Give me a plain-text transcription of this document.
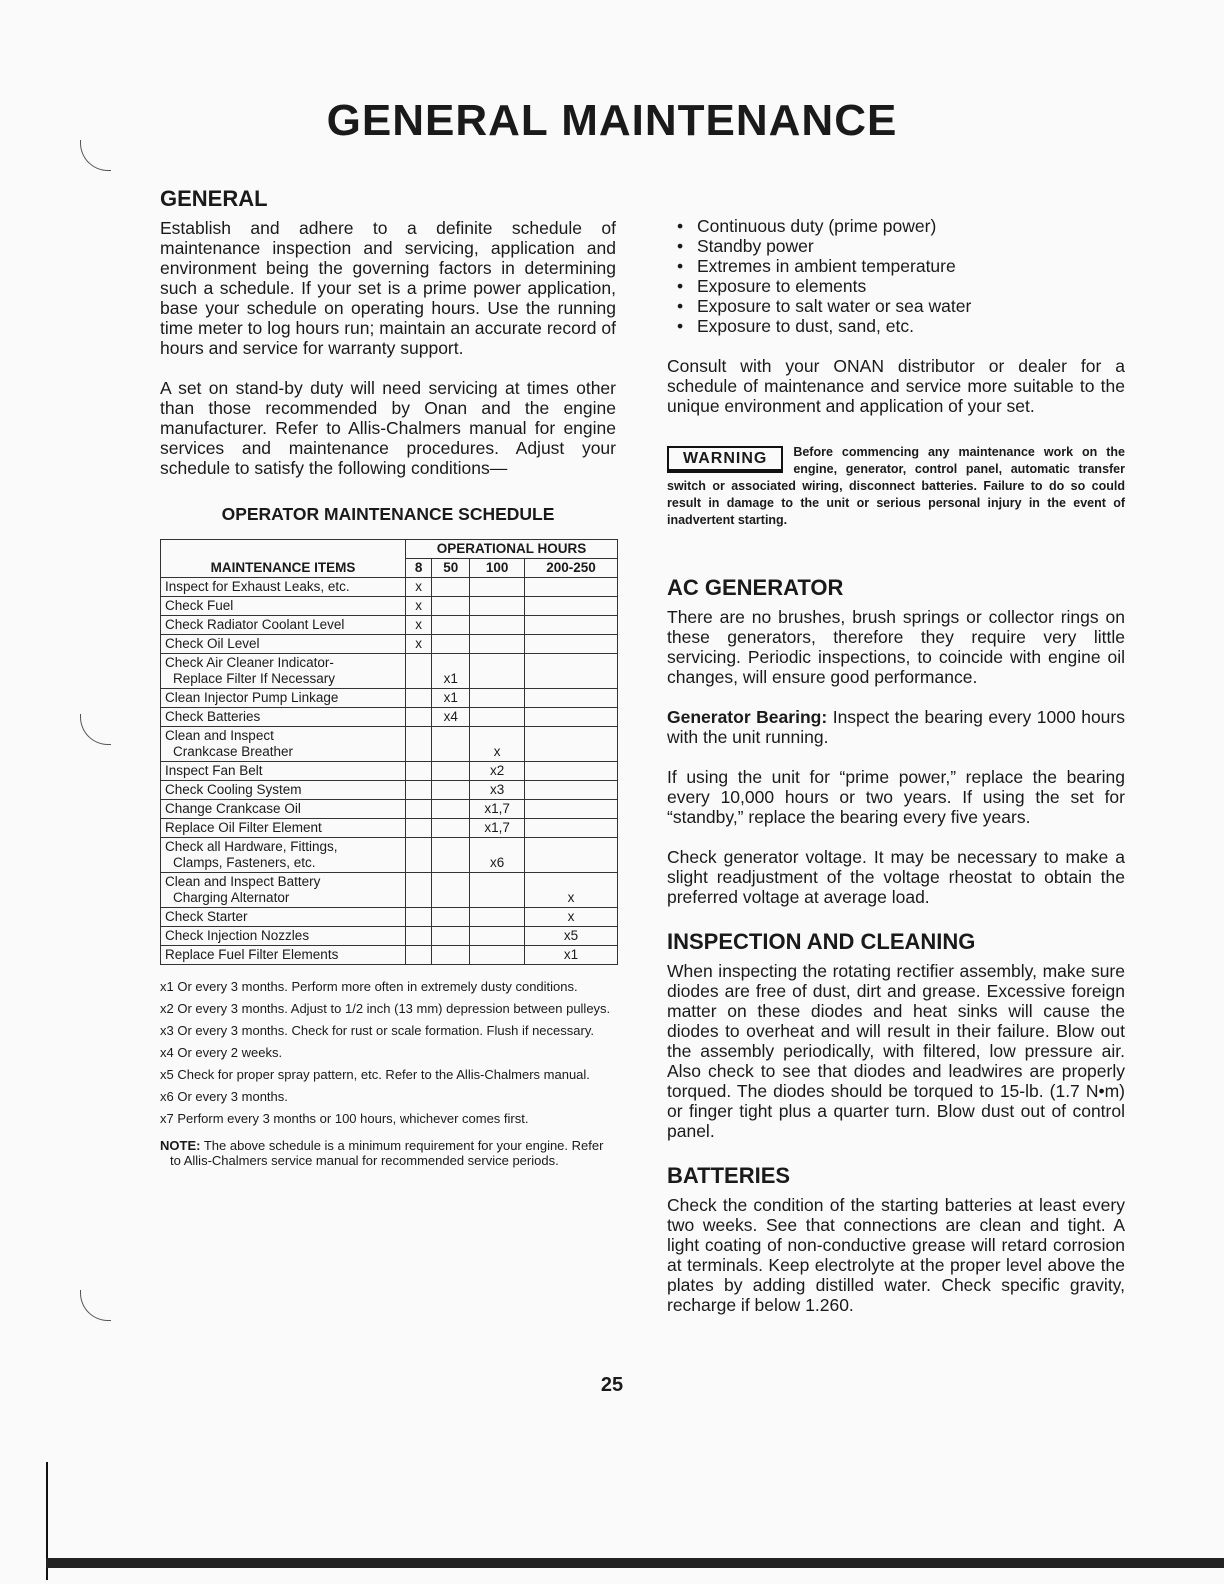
GENERAL MAINTENANCE
GENERAL

Establish and adhere to a definite schedule of maintenance inspection and servicing, application and environment being the governing factors in determining such a schedule. If your set is a prime power application, base your schedule on operating hours. Use the running time meter to log hours run; maintain an accurate record of hours and service for warranty support.

A set on stand-by duty will need servicing at times other than those recommended by Onan and the engine manufacturer. Refer to Allis-Chalmers manual for engine services and maintenance procedures. Adjust your schedule to satisfy the following conditions—

OPERATOR MAINTENANCE SCHEDULE
MAINTENANCE ITEMS	OPERATIONAL HOURS			
	8	50	100	200-250
Inspect for Exhaust Leaks, etc.	x			
Check Fuel	x			
Check Radiator Coolant Level	x			
Check Oil Level	x			
Check Air Cleaner Indicator-
Replace Filter If Necessary		x1		
Clean Injector Pump Linkage		x1		
Check Batteries		x4		
Clean and Inspect
Crankcase Breather			x	
Inspect Fan Belt			x2	
Check Cooling System			x3	
Change Crankcase Oil			x1,7	
Replace Oil Filter Element			x1,7	
Check all Hardware, Fittings,
Clamps, Fasteners, etc.			x6	
Clean and Inspect Battery
Charging Alternator				x
Check Starter				x
Check Injection Nozzles				x5
Replace Fuel Filter Elements				x1
x1 Or every 3 months. Perform more often in extremely dusty conditions.
x2 Or every 3 months. Adjust to 1/2 inch (13 mm) depression between pulleys.
x3 Or every 3 months. Check for rust or scale formation. Flush if necessary.
x4 Or every 2 weeks.
x5 Check for proper spray pattern, etc. Refer to the Allis-Chalmers manual.
x6 Or every 3 months.
x7 Perform every 3 months or 100 hours, whichever comes first.
NOTE: The above schedule is a minimum requirement for your engine. Refer to Allis-Chalmers service manual for recommended service periods.
• Continuous duty (prime power)
• Standby power
• Extremes in ambient temperature
• Exposure to elements
• Exposure to salt water or sea water
• Exposure to dust, sand, etc.

Consult with your ONAN distributor or dealer for a schedule of maintenance and service more suitable to the unique environment and application of your set.

WARNING	Before commencing any maintenance work on the engine, generator, control panel, automatic transfer switch or associated wiring, disconnect batteries. Failure to do so could result in damage to the unit or serious personal injury in the event of inadvertent starting.
AC GENERATOR

There are no brushes, brush springs or collector rings on these generators, therefore they require very little servicing. Periodic inspections, to coincide with engine oil changes, will ensure good performance.

Generator Bearing: Inspect the bearing every 1000 hours with the unit running.

If using the unit for “prime power,” replace the bearing every 10,000 hours or two years. If using the set for “standby,” replace the bearing every five years.

Check generator voltage. It may be necessary to make a slight readjustment of the voltage rheostat to obtain the preferred voltage at average load.

INSPECTION AND CLEANING

When inspecting the rotating rectifier assembly, make sure diodes are free of dust, dirt and grease. Excessive foreign matter on these diodes and heat sinks will cause the diodes to overheat and will result in their failure. Blow out the assembly periodically, with filtered, low pressure air. Also check to see that diodes and leadwires are properly torqued. The diodes should be torqued to 15-lb. (1.7 N•m) or finger tight plus a quarter turn. Blow dust out of control panel.

BATTERIES

Check the condition of the starting batteries at least every two weeks. See that connections are clean and tight. A light coating of non-conductive grease will retard corrosion at terminals. Keep electrolyte at the proper level above the plates by adding distilled water. Check specific gravity, recharge if below 1.260.

25
